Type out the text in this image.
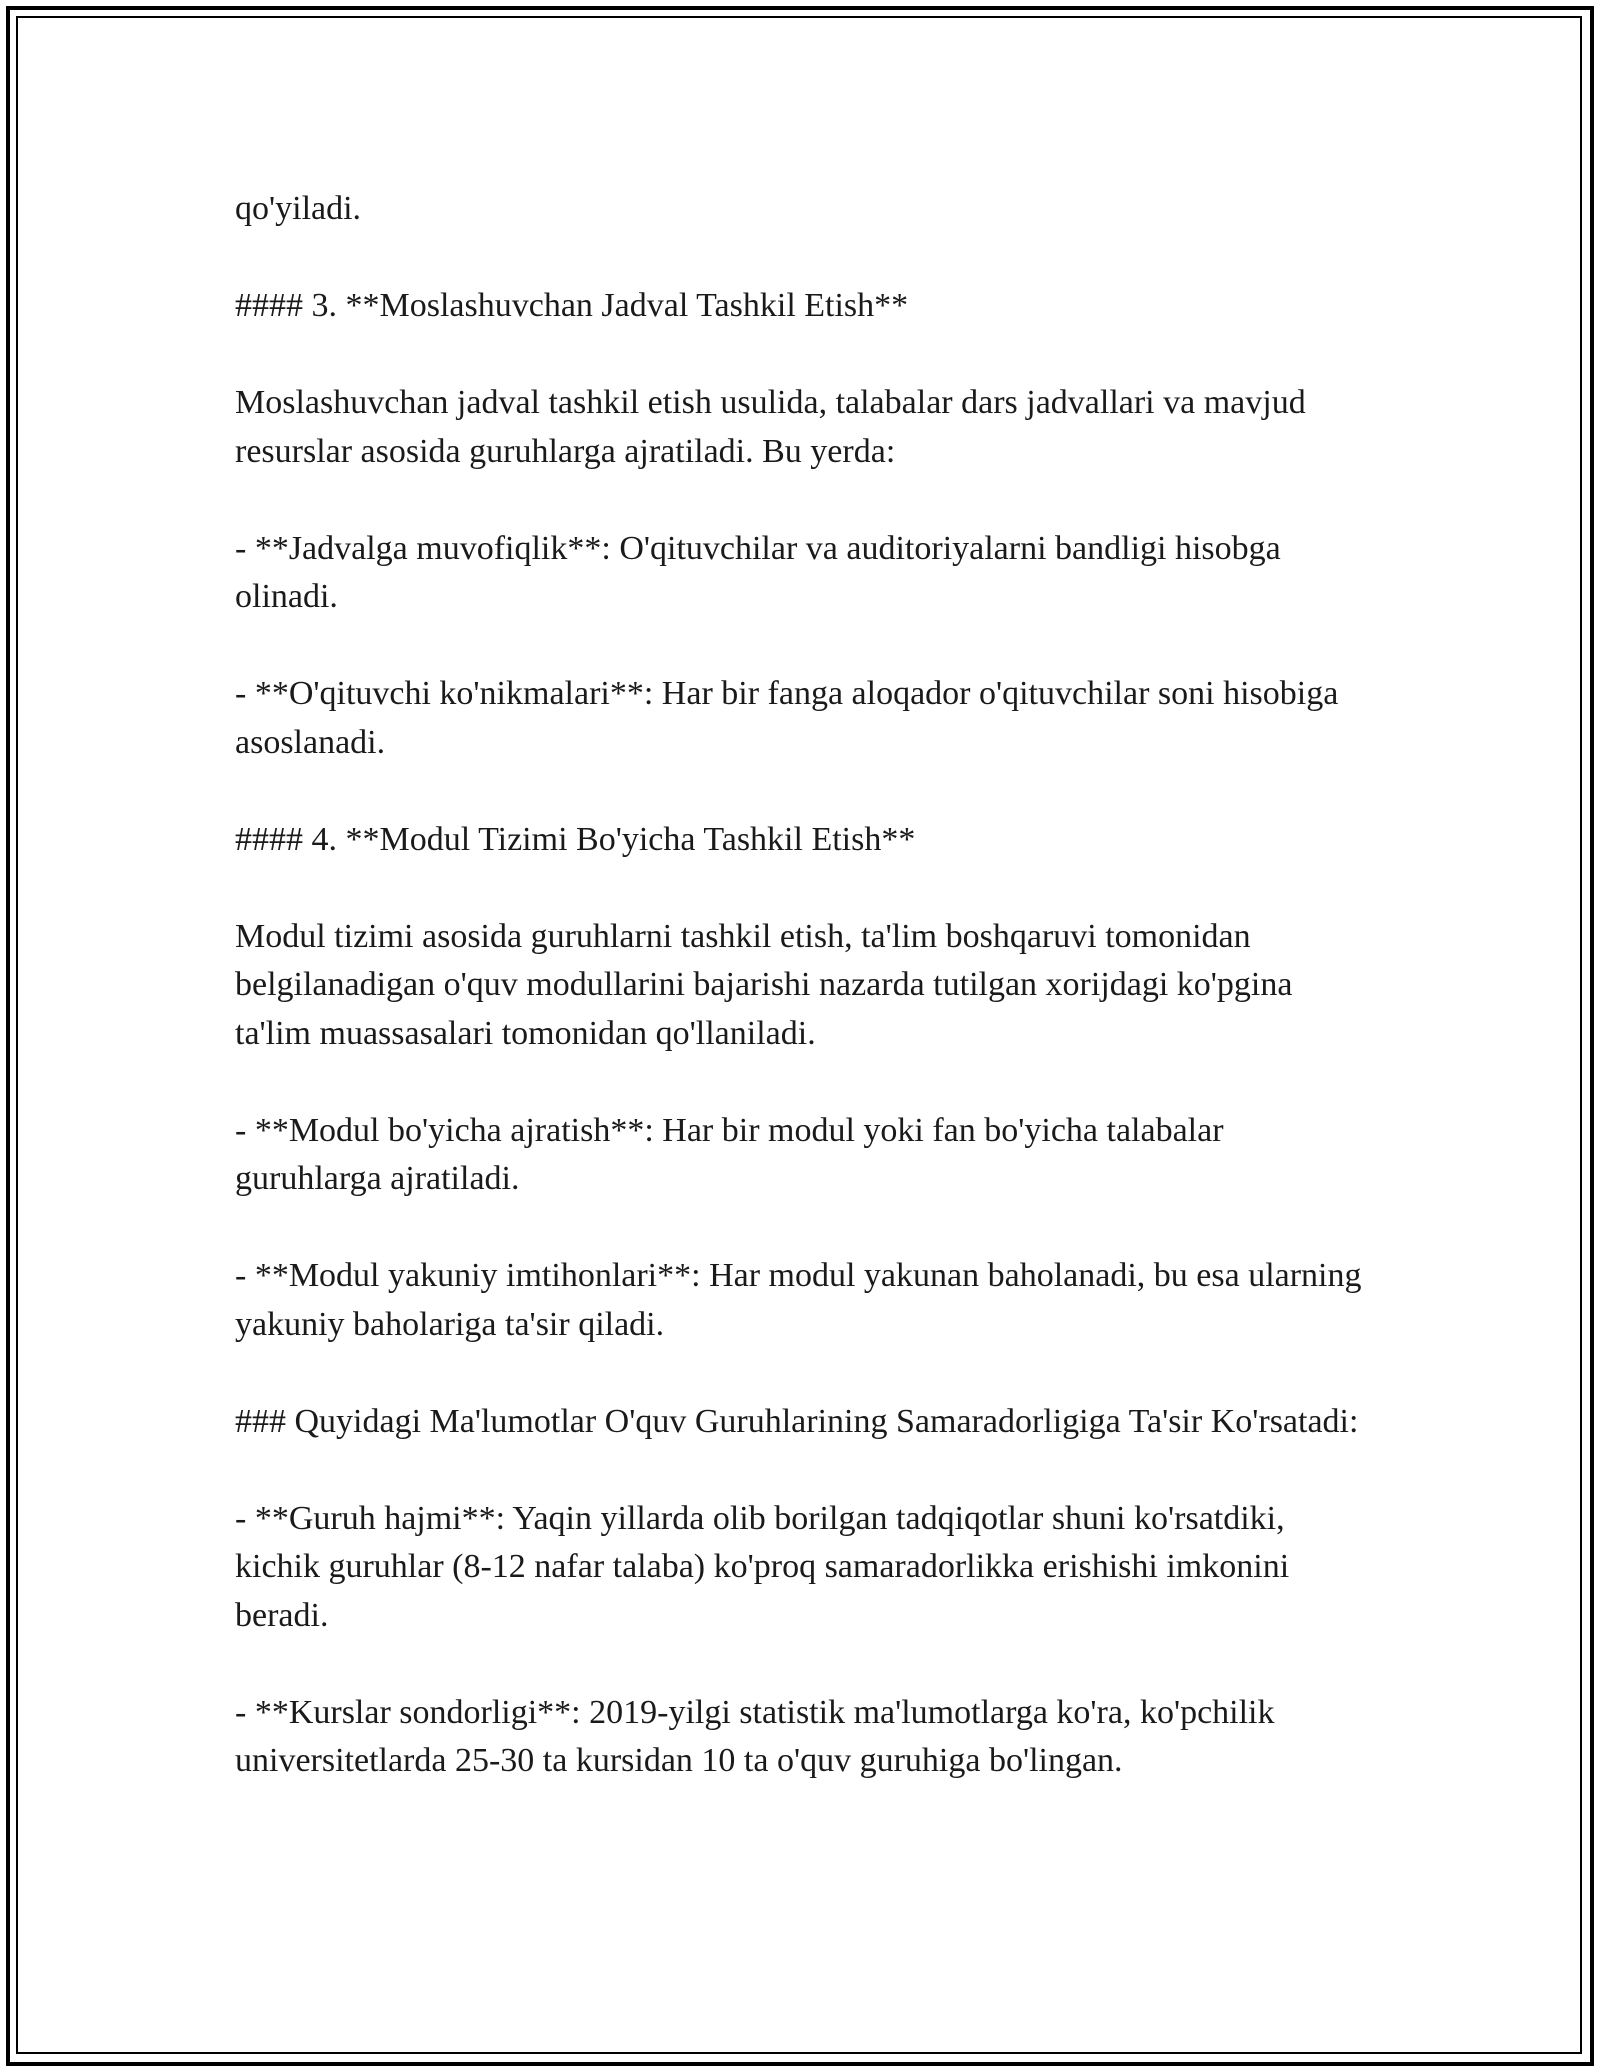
qo'yiladi.

#### 3. **Moslashuvchan Jadval Tashkil Etish**

Moslashuvchan jadval tashkil etish usulida, talabalar dars jadvallari va mavjud resurslar asosida guruhlarga ajratiladi. Bu yerda:

- **Jadvalga muvofiqlik**: O'qituvchilar va auditoriyalarni bandligi hisobga olinadi.

- **O'qituvchi ko'nikmalari**: Har bir fanga aloqador o'qituvchilar soni hisobiga asoslanadi.

#### 4. **Modul Tizimi Bo'yicha Tashkil Etish**

Modul tizimi asosida guruhlarni tashkil etish, ta'lim boshqaruvi tomonidan belgilanadigan o'quv modullarini bajarishi nazarda tutilgan xorijdagi ko'pgina ta'lim muassasalari tomonidan qo'llaniladi.

- **Modul bo'yicha ajratish**: Har bir modul yoki fan bo'yicha talabalar guruhlarga ajratiladi.

- **Modul yakuniy imtihonlari**: Har modul yakunan baholanadi, bu esa ularning yakuniy baholariga ta'sir qiladi.

### Quyidagi Ma'lumotlar O'quv Guruhlarining Samaradorligiga Ta'sir Ko'rsatadi:

- **Guruh hajmi**: Yaqin yillarda olib borilgan tadqiqotlar shuni ko'rsatdiki, kichik guruhlar (8-12 nafar talaba) ko'proq samaradorlikka erishishi imkonini beradi.

- **Kurslar sondorligi**: 2019-yilgi statistik ma'lumotlarga ko'ra, ko'pchilik universitetlarda 25-30 ta kursidan 10 ta o'quv guruhiga bo'lingan.
